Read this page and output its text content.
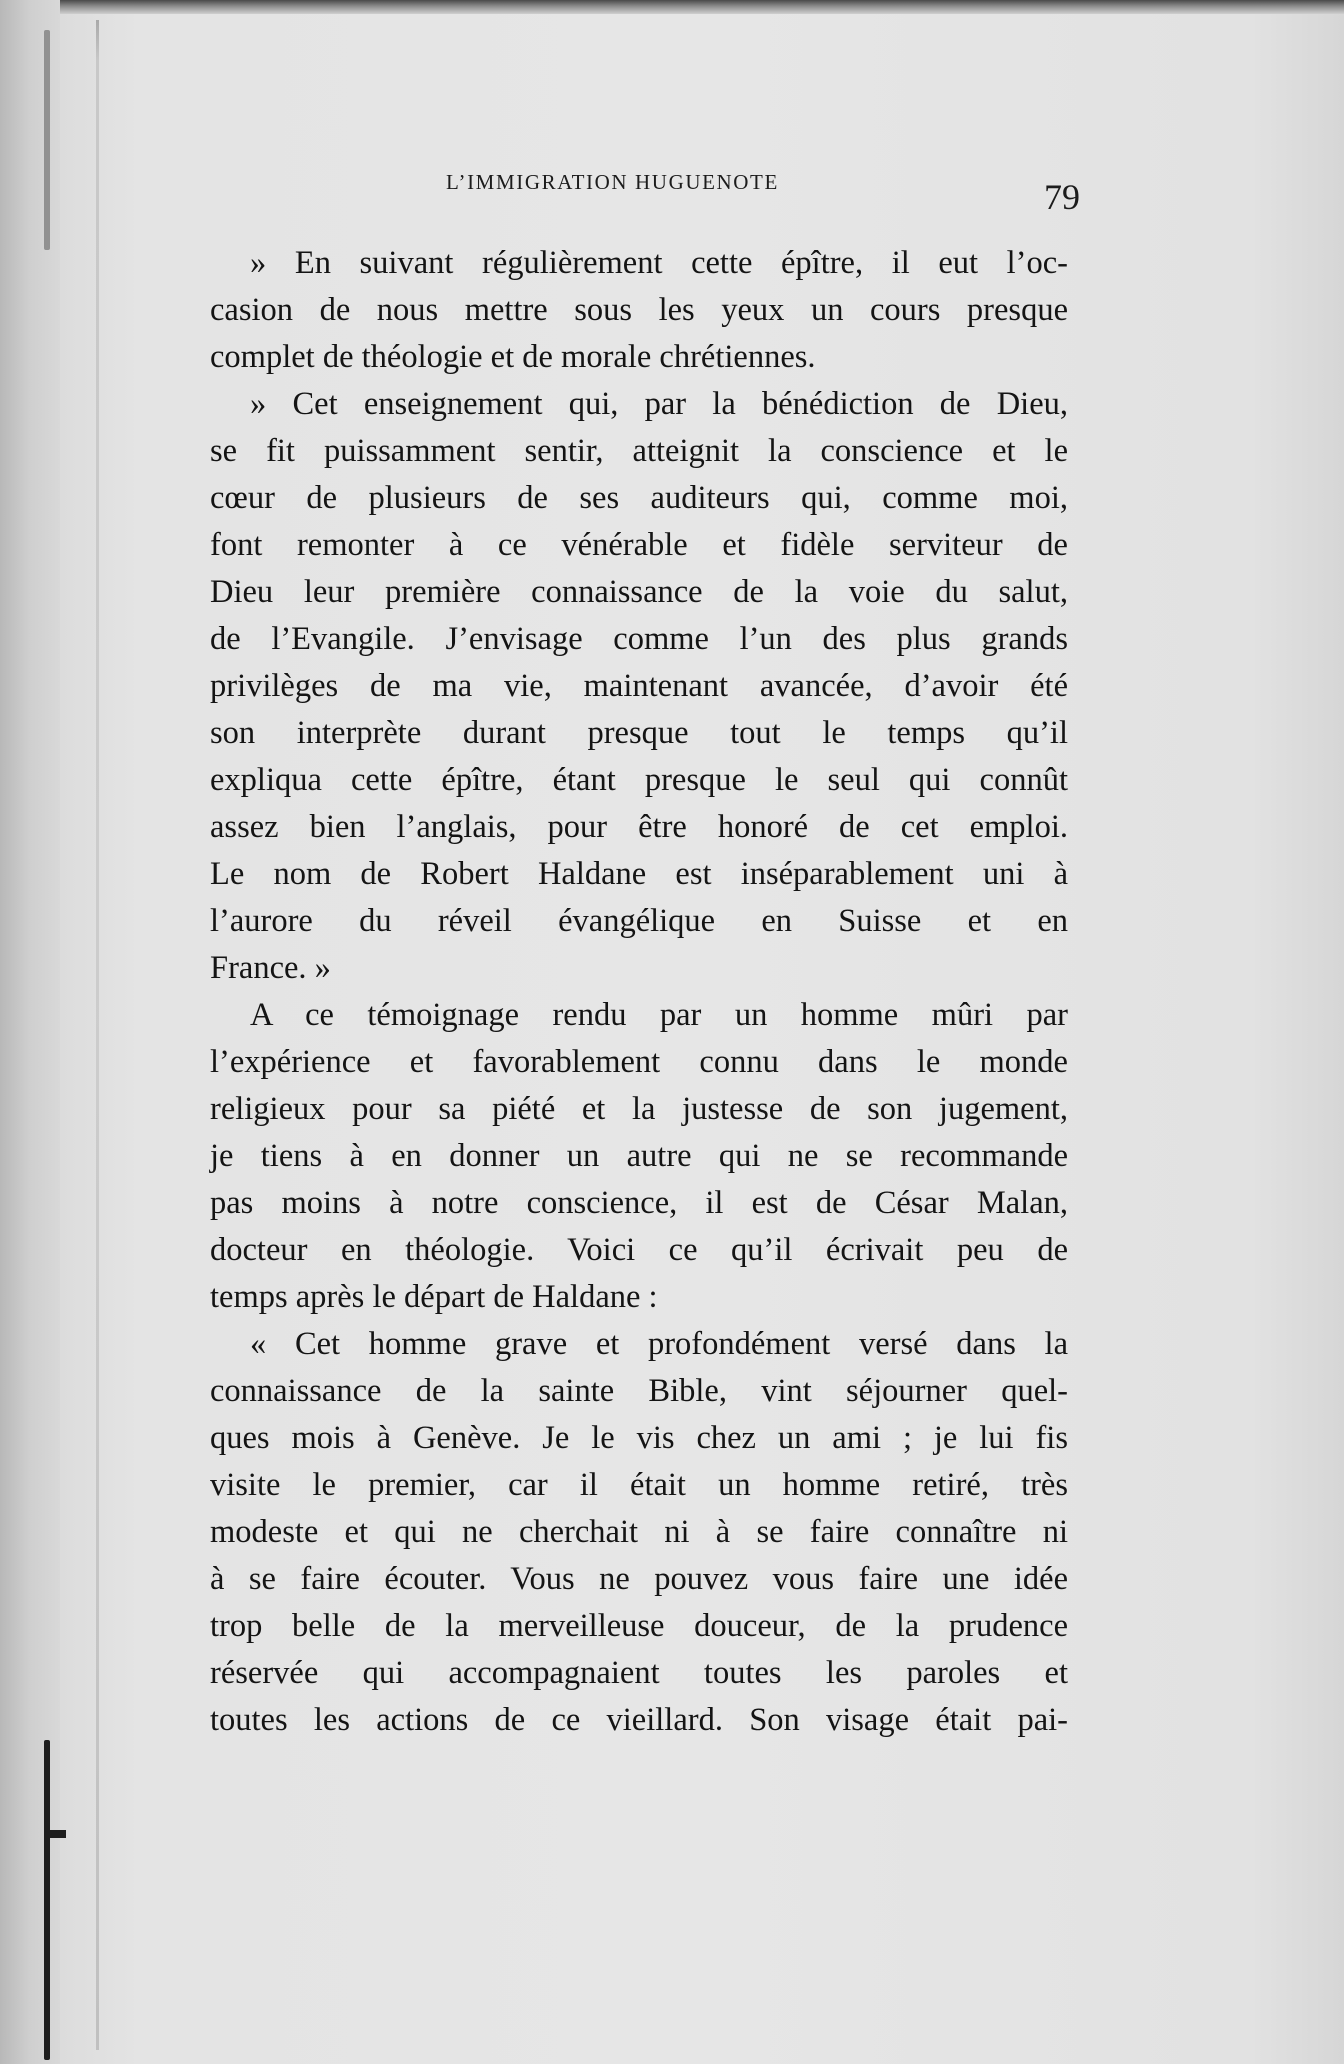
L’IMMIGRATION HUGUENOTE	79

» En suivant régulièrement cette épître, il eut l’oc-

casion de nous mettre sous les yeux un cours presque

complet de théologie et de morale chrétiennes.

» Cet enseignement qui, par la bénédiction de Dieu,

se fit puissamment sentir, atteignit la conscience et le

cœur de plusieurs de ses auditeurs qui, comme moi,

font remonter à ce vénérable et fidèle serviteur de

Dieu leur première connaissance de la voie du salut,

de l’Evangile. J’envisage comme l’un des plus grands

privilèges de ma vie, maintenant avancée, d’avoir été

son interprète durant presque tout le temps qu’il

expliqua cette épître, étant presque le seul qui connût

assez bien l’anglais, pour être honoré de cet emploi.

Le nom de Robert Haldane est inséparablement uni à

l’aurore du réveil évangélique en Suisse et en

France. »

A ce témoignage rendu par un homme mûri par

l’expérience et favorablement connu dans le monde

religieux pour sa piété et la justesse de son jugement,

je tiens à en donner un autre qui ne se recommande

pas moins à notre conscience, il est de César Malan,

docteur en théologie. Voici ce qu’il écrivait peu de

temps après le départ de Haldane :

« Cet homme grave et profondément versé dans la

connaissance de la sainte Bible, vint séjourner quel-

ques mois à Genève. Je le vis chez un ami ; je lui fis

visite le premier, car il était un homme retiré, très

modeste et qui ne cherchait ni à se faire connaître ni

à se faire écouter. Vous ne pouvez vous faire une idée

trop belle de la merveilleuse douceur, de la prudence

réservée qui accompagnaient toutes les paroles et

toutes les actions de ce vieillard. Son visage était pai-
